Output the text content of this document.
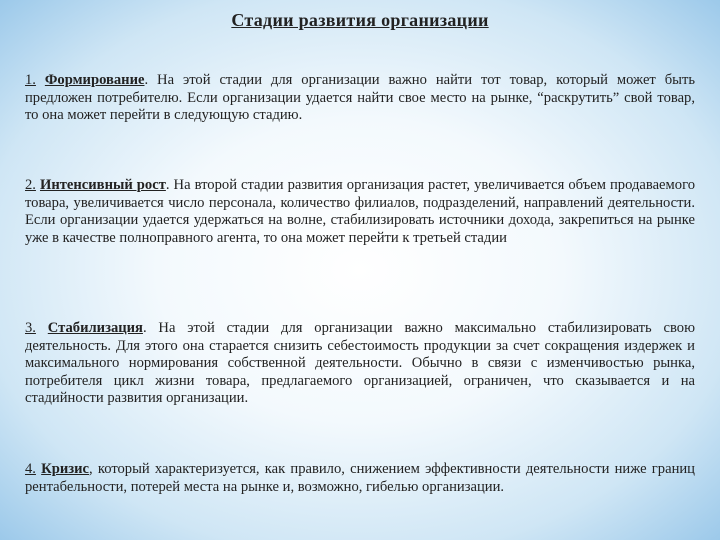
Стадии развития организации

1. Формирование. На этой стадии для организации важно найти тот товар, который может быть предложен потребителю. Если организации удается найти свое место на рынке, “раскрутить” свой товар, то она может перейти в следующую стадию.

2. Интенсивный рост. На второй стадии развития организация растет, увеличивается объем продаваемого товара, увеличивается число персонала, количество филиалов, подразделений, направлений деятельности. Если организации удается удержаться на волне, стабилизировать источники дохода, закрепиться на рынке уже в качестве полноправного агента, то она может перейти к третьей стадии

3. Стабилизация. На этой стадии для организации важно максимально стабилизировать свою деятельность. Для этого она старается снизить себестоимость продукции за счет сокращения издержек и максимального нормирования собственной деятельности. Обычно в связи с изменчивостью рынка, потребителя цикл жизни товара, предлагаемого организацией, ограничен, что сказывается и на стадийности развития организации.

4. Кризис, который характеризуется, как правило, снижением эффективности деятельности ниже границ рентабельности, потерей места на рынке и, возможно, гибелью организации.
